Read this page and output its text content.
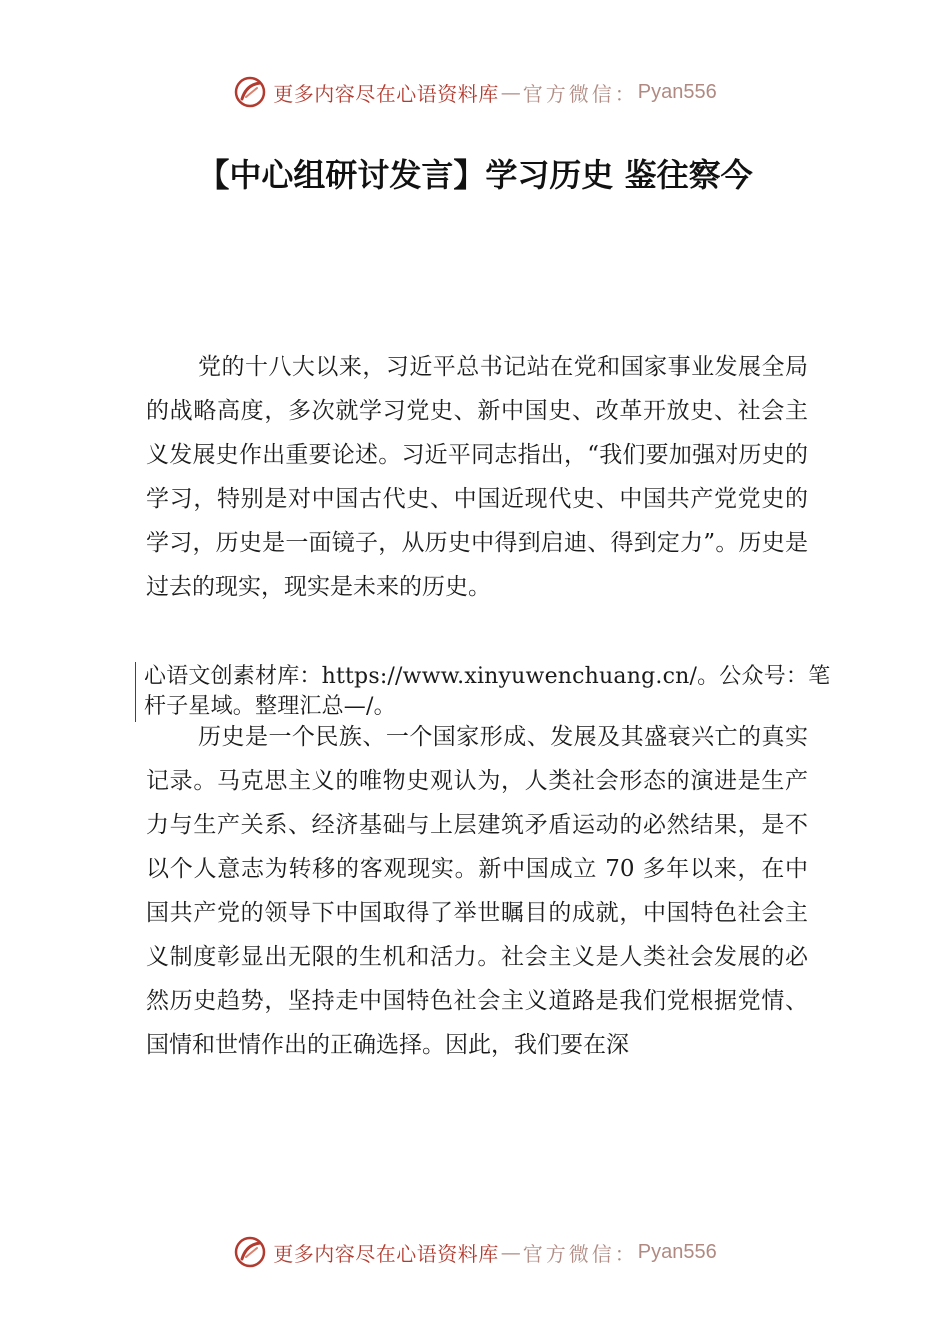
更多内容尽在心语资料库 — 官方微信： Pyan556
【中心组研讨发言】学习历史 鉴往察今

党的十八大以来，习近平总书记站在党和国家事业发展全局的战略高度，多次就学习党史、新中国史、改革开放史、社会主义发展史作出重要论述。习近平同志指出，“我们要加强对历史的学习，特别是对中国古代史、中国近现代史、中国共产党党史的学习，历史是一面镜子，从历史中得到启迪、得到定力”。历史是过去的现实，现实是未来的历史。

心语文创素材库：https://www.xinyuwenchuang.cn/。公众号：笔杆子星域。整理汇总—/。

历史是一个民族、一个国家形成、发展及其盛衰兴亡的真实记录。马克思主义的唯物史观认为，人类社会形态的演进是生产力与生产关系、经济基础与上层建筑矛盾运动的必然结果，是不以个人意志为转移的客观现实。新中国成立 70 多年以来，在中国共产党的领导下中国取得了举世瞩目的成就，中国特色社会主义制度彰显出无限的生机和活力。社会主义是人类社会发展的必然历史趋势，坚持走中国特色社会主义道路是我们党根据党情、国情和世情作出的正确选择。因此，我们要在深

更多内容尽在心语资料库 — 官方微信： Pyan556
